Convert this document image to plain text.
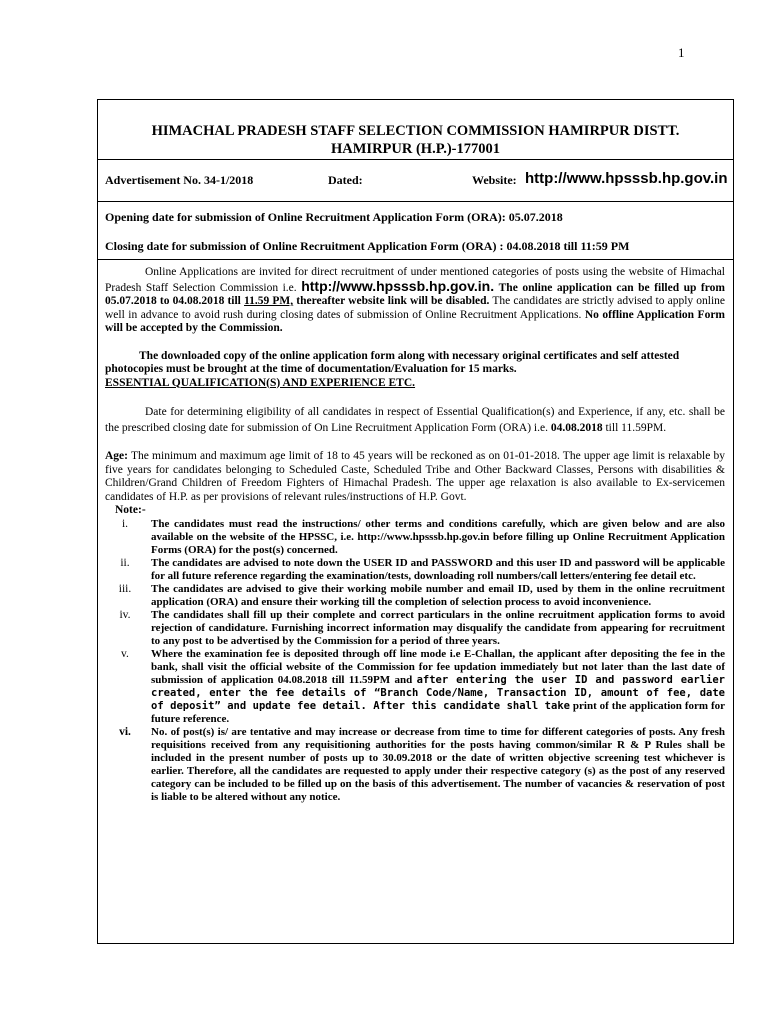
1
HIMACHAL PRADESH STAFF SELECTION COMMISSION HAMIRPUR DISTT.
HAMIRPUR (H.P.)-177001
Advertisement No. 34-1/2018	Dated:	Website: http://www.hpsssb.hp.gov.in
Opening date for submission of Online Recruitment Application Form (ORA): 05.07.2018
Closing date for submission of Online Recruitment Application Form (ORA) : 04.08.2018 till 11:59 PM
Online Applications are invited for direct recruitment of under mentioned categories of posts using the website of Himachal Pradesh Staff Selection Commission i.e. http://www.hpsssb.hp.gov.in. The online application can be filled up from 05.07.2018 to 04.08.2018 till 11.59 PM, thereafter website link will be disabled. The candidates are strictly advised to apply online well in advance to avoid rush during closing dates of submission of Online Recruitment Applications. No offline Application Form will be accepted by the Commission.
The downloaded copy of the online application form along with necessary original certificates and self attested photocopies must be brought at the time of documentation/Evaluation for 15 marks.
ESSENTIAL QUALIFICATION(S) AND EXPERIENCE ETC.
Date for determining eligibility of all candidates in respect of Essential Qualification(s) and Experience, if any, etc. shall be the prescribed closing date for submission of On Line Recruitment Application Form (ORA) i.e. 04.08.2018 till 11.59PM.
Age: The minimum and maximum age limit of 18 to 45 years will be reckoned as on 01-01-2018. The upper age limit is relaxable by five years for candidates belonging to Scheduled Caste, Scheduled Tribe and Other Backward Classes, Persons with disabilities & Children/Grand Children of Freedom Fighters of Himachal Pradesh. The upper age relaxation is also available to Ex-servicemen candidates of H.P. as per provisions of relevant rules/instructions of H.P. Govt.
Note:-
i.	The candidates must read the instructions/ other terms and conditions carefully, which are given below and are also available on the website of the HPSSC, i.e. http://www.hpsssb.hp.gov.in before filling up Online Recruitment Application Forms (ORA) for the post(s) concerned.
ii.	The candidates are advised to note down the USER ID and PASSWORD and this user ID and password will be applicable for all future reference regarding the examination/tests, downloading roll numbers/call letters/entering fee detail etc.
iii.	The candidates are advised to give their working mobile number and email ID, used by them in the online recruitment application (ORA) and ensure their working till the completion of selection process to avoid inconvenience.
iv.	The candidates shall fill up their complete and correct particulars in the online recruitment application forms to avoid rejection of candidature. Furnishing incorrect information may disqualify the candidate from appearing for recruitment to any post to be advertised by the Commission for a period of three years.
v.	Where the examination fee is deposited through off line mode i.e E-Challan, the applicant after depositing the fee in the bank, shall visit the official website of the Commission for fee updation immediately but not later than the last date of submission of application 04.08.2018 till 11.59PM and after entering the user ID and password earlier created, enter the fee details of “Branch Code/Name, Transaction ID, amount of fee, date of deposit” and update fee detail. After this candidate shall take print of the application form for future reference.
vi.	No. of post(s) is/ are tentative and may increase or decrease from time to time for different categories of posts. Any fresh requisitions received from any requisitioning authorities for the posts having common/similar R & P Rules shall be included in the present number of posts up to 30.09.2018 or the date of written objective screening test whichever is earlier. Therefore, all the candidates are requested to apply under their respective category (s) as the post of any reserved category can be included to be filled up on the basis of this advertisement. The number of vacancies & reservation of post is liable to be altered without any notice.
